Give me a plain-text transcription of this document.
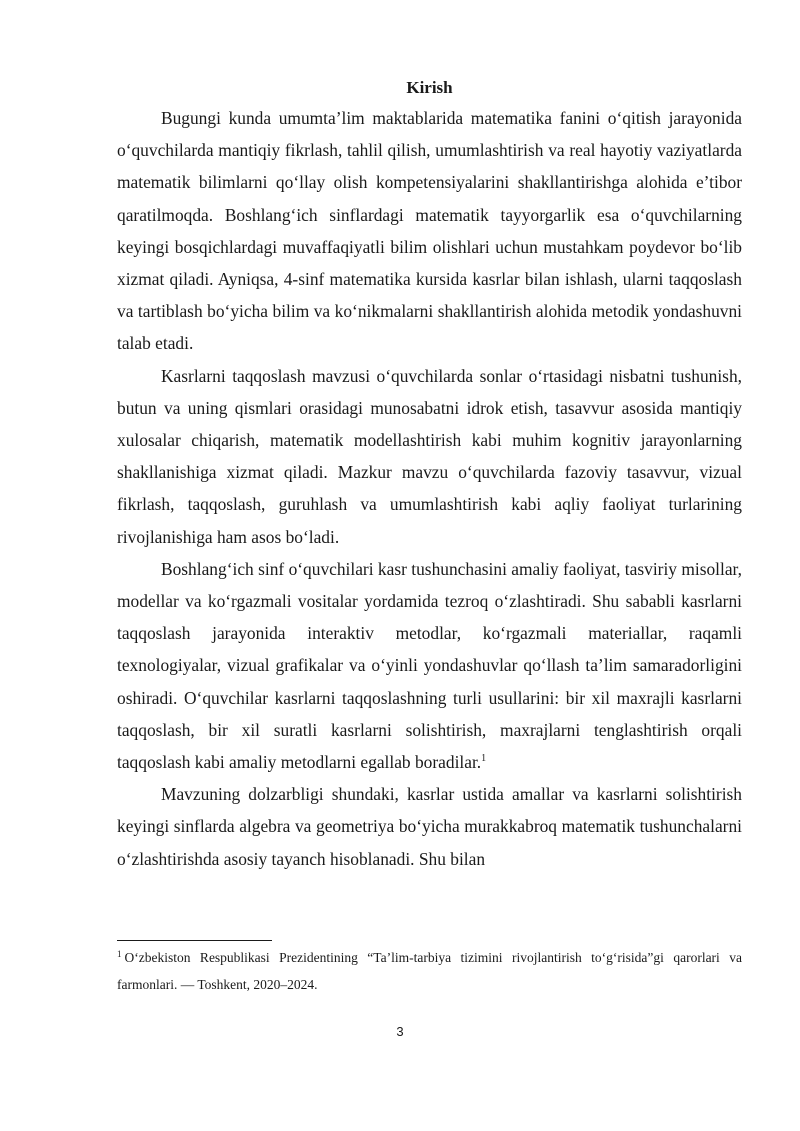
Kirish

Bugungi kunda umumta’lim maktablarida matematika fanini o‘qitish jarayonida o‘quvchilarda mantiqiy fikrlash, tahlil qilish, umumlashtirish va real hayotiy vaziyatlarda matematik bilimlarni qo‘llay olish kompetensiyalarini shakllantirishga alohida e’tibor qaratilmoqda. Boshlang‘ich sinflardagi matematik tayyorgarlik esa o‘quvchilarning keyingi bosqichlardagi muvaffaqiyatli bilim olishlari uchun mustahkam poydevor bo‘lib xizmat qiladi. Ayniqsa, 4-sinf matematika kursida kasrlar bilan ishlash, ularni taqqoslash va tartiblash bo‘yicha bilim va ko‘nikmalarni shakllantirish alohida metodik yondashuvni talab etadi.

Kasrlarni taqqoslash mavzusi o‘quvchilarda sonlar o‘rtasidagi nisbatni tushunish, butun va uning qismlari orasidagi munosabatni idrok etish, tasavvur asosida mantiqiy xulosalar chiqarish, matematik modellashtirish kabi muhim kognitiv jarayonlarning shakllanishiga xizmat qiladi. Mazkur mavzu o‘quvchilarda fazoviy tasavvur, vizual fikrlash, taqqoslash, guruhlash va umumlashtirish kabi aqliy faoliyat turlarining rivojlanishiga ham asos bo‘ladi.

Boshlang‘ich sinf o‘quvchilari kasr tushunchasini amaliy faoliyat, tasviriy misollar, modellar va ko‘rgazmali vositalar yordamida tezroq o‘zlashtiradi. Shu sababli kasrlarni taqqoslash jarayonida interaktiv metodlar, ko‘rgazmali materiallar, raqamli texnologiyalar, vizual grafikalar va o‘yinli yondashuvlar qo‘llash ta’lim samaradorligini oshiradi. O‘quvchilar kasrlarni taqqoslashning turli usullarini: bir xil maxrajli kasrlarni taqqoslash, bir xil suratli kasrlarni solishtirish, maxrajlarni tenglashtirish orqali taqqoslash kabi amaliy metodlarni egallab boradilar.$^1$

Mavzuning dolzarbligi shundaki, kasrlar ustida amallar va kasrlarni solishtirish keyingi sinflarda algebra va geometriya bo‘yicha murakkabroq matematik tushunchalarni o‘zlashtirishda asosiy tayanch hisoblanadi. Shu bilan

$^1$ O‘zbekiston Respublikasi Prezidentining “Ta’lim-tarbiya tizimini rivojlantirish to‘g‘risida”gi qarorlari va farmonlari. — Toshkent, 2020–2024.

3
